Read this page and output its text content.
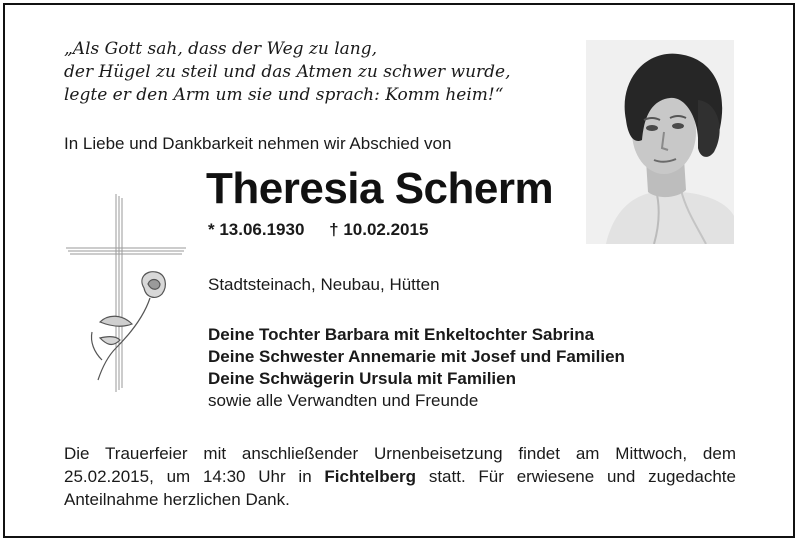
„Als Gott sah, dass der Weg zu lang,
der Hügel zu steil und das Atmen zu schwer wurde,
legte er den Arm um sie und sprach: Komm heim!“
In Liebe und Dankbarkeit nehmen wir Abschied von
Theresia Scherm
* 13.06.1930 † 10.02.2015
Stadtsteinach, Neubau, Hütten
Deine Tochter Barbara mit Enkeltochter Sabrina
Deine Schwester Annemarie mit Josef und Familien
Deine Schwägerin Ursula mit Familien
sowie alle Verwandten und Freunde
Die Trauerfeier mit anschließender Urnenbeisetzung findet am Mittwoch, dem 25.02.2015, um 14:30 Uhr in Fichtelberg statt. Für erwiesene und zugedachte Anteilnahme herzlichen Dank.
